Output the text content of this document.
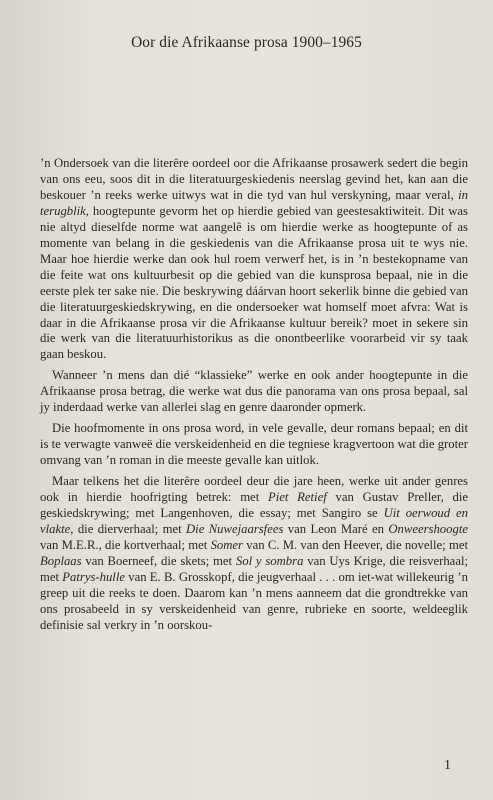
Oor die Afrikaanse prosa 1900–1965

’n Ondersoek van die literêre oordeel oor die Afrikaanse prosawerk sedert die begin van ons eeu, soos dit in die literatuurgeskiedenis neerslag gevind het, kan aan die beskouer ’n reeks werke uitwys wat in die tyd van hul verskyning, maar veral, in terugblik, hoogtepunte gevorm het op hierdie gebied van geestesaktiwiteit. Dit was nie altyd dieselfde norme wat aangelê is om hierdie werke as hoogtepunte of as momente van belang in die geskiedenis van die Afrikaanse prosa uit te wys nie. Maar hoe hierdie werke dan ook hul roem verwerf het, is in ’n bestekopname van die feite wat ons kultuurbesit op die gebied van die kunsprosa bepaal, nie in die eerste plek ter sake nie. Die beskrywing dáárvan hoort sekerlik binne die gebied van die literatuurgeskiedskrywing, en die ondersoeker wat homself moet afvra: Wat is daar in die Afrikaanse prosa vir die Afrikaanse kultuur bereik? moet in sekere sin die werk van die literatuurhistorikus as die onontbeerlike voorarbeid vir sy taak gaan beskou.

Wanneer ’n mens dan dié “klassieke” werke en ook ander hoogtepunte in die Afrikaanse prosa betrag, die werke wat dus die panorama van ons prosa bepaal, sal jy inderdaad werke van allerlei slag en genre daaronder opmerk.

Die hoofmomente in ons prosa word, in vele gevalle, deur romans bepaal; en dit is te verwagte vanweë die verskeidenheid en die tegniese kragvertoon wat die groter omvang van ’n roman in die meeste gevalle kan uitlok.

Maar telkens het die literêre oordeel deur die jare heen, werke uit ander genres ook in hierdie hoofrigting betrek: met Piet Retief van Gustav Preller, die geskiedskrywing; met Langenhoven, die essay; met Sangiro se Uit oerwoud en vlakte, die dierverhaal; met Die Nuwejaarsfees van Leon Maré en Onweershoogte van M.E.R., die kortverhaal; met Somer van C. M. van den Heever, die novelle; met Boplaas van Boerneef, die skets; met Sol y sombra van Uys Krige, die reisverhaal; met Patrys-hulle van E. B. Grosskopf, die jeugverhaal . . . om iet-wat willekeurig ’n greep uit die reeks te doen. Daarom kan ’n mens aanneem dat die grondtrekke van ons prosabeeld in sy verskeidenheid van genre, rubrieke en soorte, weldeeglik definisie sal verkry in ’n oorskou-

1
